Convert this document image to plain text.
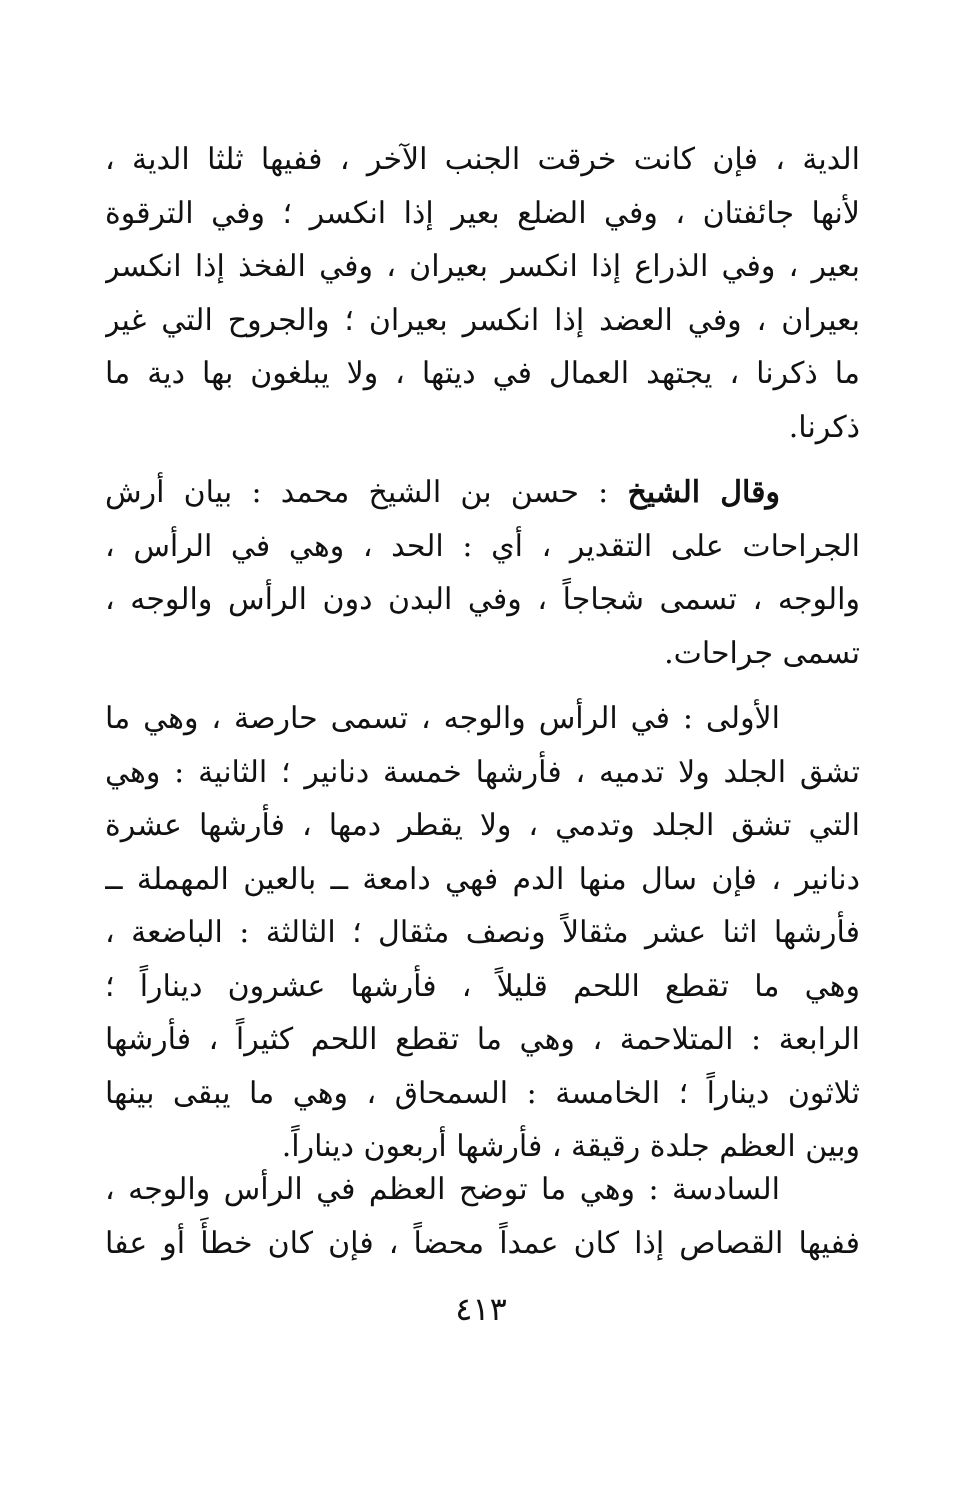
الدية ، فإن كانت خرقت الجنب الآخر ، ففيها ثلثا الدية ،
لأنها جائفتان ، وفي الضلع بعير إذا انكسر ؛ وفي الترقوة
بعير ، وفي الذراع إذا انكسر بعيران ، وفي الفخذ إذا انكسر
بعيران ، وفي العضد إذا انكسر بعيران ؛ والجروح التي غير
ما ذكرنا ، يجتهد العمال في ديتها ، ولا يبلغون بها دية ما
ذكرنا.
وقال الشيخ : حسن بن الشيخ محمد : بيان أرش
الجراحات على التقدير ، أي : الحد ، وهي في الرأس ،
والوجه ، تسمى شجاجاً ، وفي البدن دون الرأس والوجه ،
تسمى جراحات.
الأولى : في الرأس والوجه ، تسمى حارصة ، وهي ما
تشق الجلد ولا تدميه ، فأرشها خمسة دنانير ؛ الثانية : وهي
التي تشق الجلد وتدمي ، ولا يقطر دمها ، فأرشها عشرة
دنانير ، فإن سال منها الدم فهي دامعة ــ بالعين المهملة ــ
فأرشها اثنا عشر مثقالاً ونصف مثقال ؛ الثالثة : الباضعة ،
وهي ما تقطع اللحم قليلاً ، فأرشها عشرون ديناراً ؛
الرابعة : المتلاحمة ، وهي ما تقطع اللحم كثيراً ، فأرشها
ثلاثون ديناراً ؛ الخامسة : السمحاق ، وهي ما يبقى بينها
وبين العظم جلدة رقيقة ، فأرشها أربعون ديناراً.
السادسة : وهي ما توضح العظم في الرأس والوجه ،
ففيها القصاص إذا كان عمداً محضاً ، فإن كان خطأً أو عفا
٤١٣
